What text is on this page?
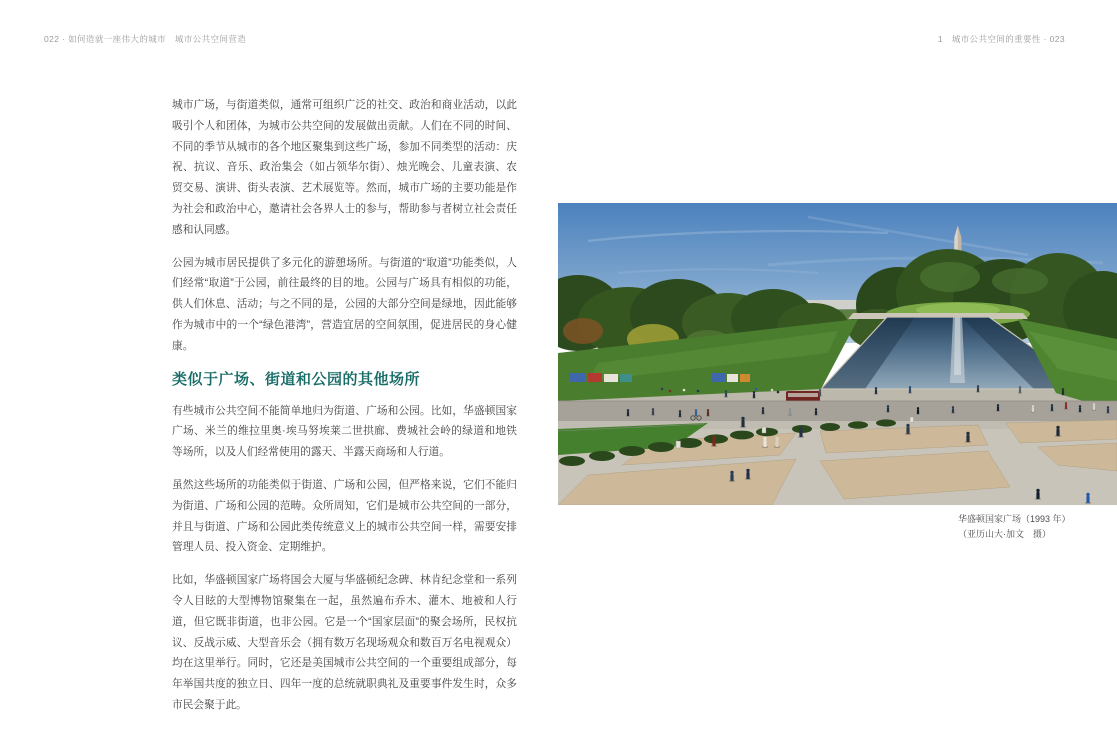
022 · 如何造就一座伟大的城市　城市公共空间营造	1　城市公共空间的重要性 · 023

城市广场，与街道类似，通常可组织广泛的社交、政治和商业活动，以此吸引个人和团体，为城市公共空间的发展做出贡献。人们在不同的时间、不同的季节从城市的各个地区聚集到这些广场，参加不同类型的活动：庆祝、抗议、音乐、政治集会（如占领华尔街）、烛光晚会、儿童表演、农贸交易、演讲、街头表演、艺术展览等。然而，城市广场的主要功能是作为社会和政治中心，邀请社会各界人士的参与，帮助参与者树立社会责任感和认同感。

公园为城市居民提供了多元化的游憩场所。与街道的“取道”功能类似，人们经常“取道”于公园，前往最终的目的地。公园与广场具有相似的功能，供人们休息、活动；与之不同的是，公园的大部分空间是绿地，因此能够作为城市中的一个“绿色港湾”，营造宜居的空间氛围，促进居民的身心健康。

类似于广场、街道和公园的其他场所

有些城市公共空间不能简单地归为街道、广场和公园。比如，华盛顿国家广场、米兰的维拉里奥·埃马努埃莱二世拱廊、费城社会岭的绿道和地铁等场所，以及人们经常使用的露天、半露天商场和人行道。

虽然这些场所的功能类似于街道、广场和公园，但严格来说，它们不能归为街道、广场和公园的范畴。众所周知，它们是城市公共空间的一部分，并且与街道、广场和公园此类传统意义上的城市公共空间一样，需要安排管理人员、投入资金、定期维护。

比如，华盛顿国家广场将国会大厦与华盛顿纪念碑、林肯纪念堂和一系列令人目眩的大型博物馆聚集在一起，虽然遍布乔木、灌木、地被和人行道，但它既非街道，也非公园。它是一个“国家层面”的聚会场所，民权抗议、反战示威、大型音乐会（拥有数万名现场观众和数百万名电视观众）均在这里举行。同时，它还是美国城市公共空间的一个重要组成部分，每年举国共度的独立日、四年一度的总统就职典礼及重要事件发生时，众多市民会聚于此。

华盛顿国家广场（1993 年）
（亚历山大·加文　摄）
